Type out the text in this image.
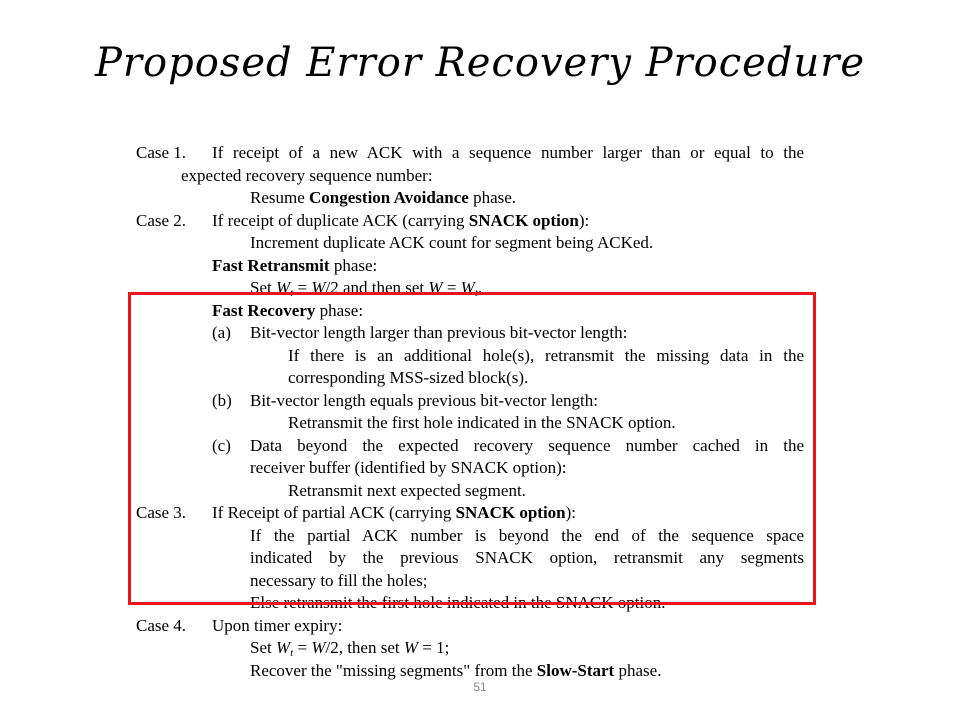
Proposed Error Recovery Procedure
Case 1. If receipt of a new ACK with a sequence number larger than or equal to the
expected recovery sequence number:
Resume Congestion Avoidance phase.
Case 2. If receipt of duplicate ACK (carrying SNACK option):
Increment duplicate ACK count for segment being ACKed.
Fast Retransmit phase:
Set $W_t = W/2$ and then set $W = W_t$.
Fast Recovery phase:
(a) Bit-vector length larger than previous bit-vector length:
If there is an additional hole(s), retransmit the missing data in the
corresponding MSS-sized block(s).
(b) Bit-vector length equals previous bit-vector length:
Retransmit the first hole indicated in the SNACK option.
(c) Data beyond the expected recovery sequence number cached in the
receiver buffer (identified by SNACK option):
Retransmit next expected segment.
Case 3. If Receipt of partial ACK (carrying SNACK option):
If the partial ACK number is beyond the end of the sequence space
indicated by the previous SNACK option, retransmit any segments
necessary to fill the holes;
Else retransmit the first hole indicated in the SNACK option.
Case 4. Upon timer expiry:
Set $W_t = W/2$, then set W = 1;
Recover the "missing segments" from the Slow-Start phase.
51
